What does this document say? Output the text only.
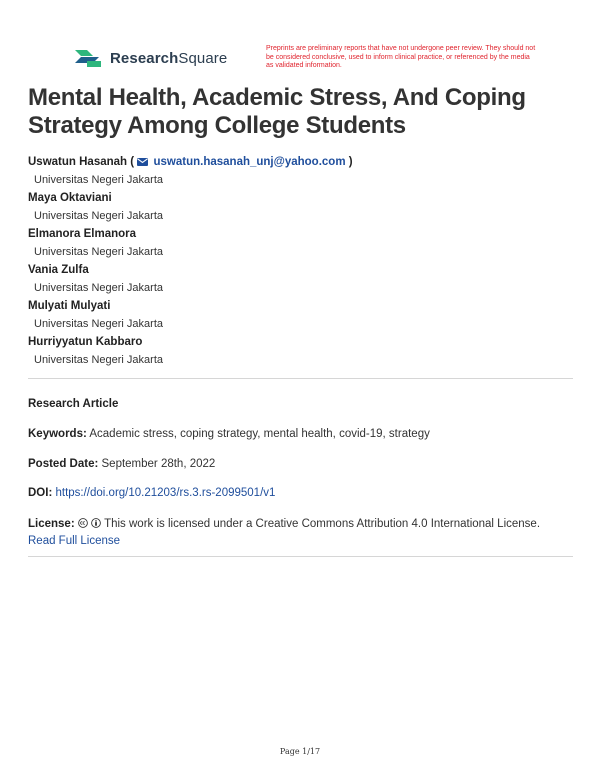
ResearchSquare
Preprints are preliminary reports that have not undergone peer review. They should not be considered conclusive, used to inform clinical practice, or referenced by the media as validated information.
Mental Health, Academic Stress, And Coping Strategy Among College Students
Uswatun Hasanah (  uswatun.hasanah_unj@yahoo.com )
Universitas Negeri Jakarta
Maya Oktaviani
Universitas Negeri Jakarta
Elmanora Elmanora
Universitas Negeri Jakarta
Vania Zulfa
Universitas Negeri Jakarta
Mulyati Mulyati
Universitas Negeri Jakarta
Hurriyyatun Kabbaro
Universitas Negeri Jakarta
Research Article
Keywords: Academic stress, coping strategy, mental health, covid-19, strategy
Posted Date: September 28th, 2022
DOI: https://doi.org/10.21203/rs.3.rs-2099501/v1
License:	This work is licensed under a Creative Commons Attribution 4.0 International License.
Read Full License
Page 1/17
